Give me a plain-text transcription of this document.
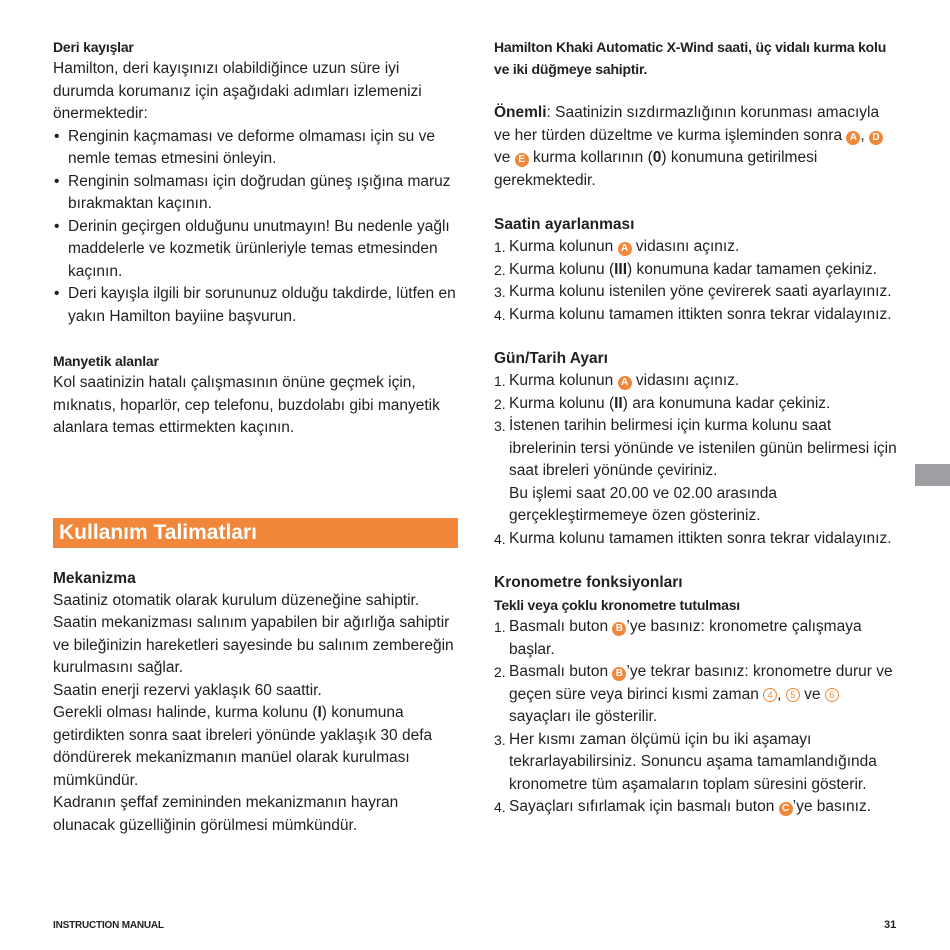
Deri kayışlar

Hamilton, deri kayışınızı olabildiğince uzun süre iyi durumda korumanız için aşağıdaki adımları izlemenizi önermektedir:

• Renginin kaçmaması ve deforme olmaması için su ve nemle temas etmesini önleyin.
• Renginin solmaması için doğrudan güneş ışığına maruz bırakmaktan kaçının.
• Derinin geçirgen olduğunu unutmayın! Bu nedenle yağlı maddelerle ve kozmetik ürünleriyle temas etmesinden kaçının.
• Deri kayışla ilgili bir sorununuz olduğu takdirde, lütfen en yakın Hamilton bayiine başvurun.

Manyetik alanlar

Kol saatinizin hatalı çalışmasının önüne geçmek için, mıknatıs, hoparlör, cep telefonu, buzdolabı gibi manyetik alanlara temas ettirmekten kaçının.

Kullanım Talimatları

Mekanizma

Saatiniz otomatik olarak kurulum düzeneğine sahiptir. Saatin mekanizması salınım yapabilen bir ağırlığa sahiptir ve bileğinizin hareketleri sayesinde bu salınım zembereğin kurulmasını sağlar.

Saatin enerji rezervi yaklaşık 60 saattir.

Gerekli olması halinde, kurma kolunu (I) konumuna getirdikten sonra saat ibreleri yönünde yaklaşık 30 defa döndürerek mekanizmanın manüel olarak kurulması mümkündür.

Kadranın şeffaf zemininden mekanizmanın hayran olunacak güzelliğinin görülmesi mümkündür.

Hamilton Khaki Automatic X-Wind saati, üç vidalı kurma kolu ve iki düğmeye sahiptir.

Önemli: Saatinizin sızdırmazlığının korunması amacıyla ve her türden düzeltme ve kurma işleminden sonra A , D ve E kurma kollarının (0) konumuna getirilmesi gerekmektedir.

Saatin ayarlanması

1. Kurma kolunun A vidasını açınız.
2. Kurma kolunu (III) konumuna kadar tamamen çekiniz.
3. Kurma kolunu istenilen yöne çevirerek saati ayarlayınız.
4. Kurma kolunu tamamen ittikten sonra tekrar vidalayınız.

Gün/Tarih Ayarı

1. Kurma kolunun A vidasını açınız.
2. Kurma kolunu (II) ara konumuna kadar çekiniz.
3. İstenen tarihin belirmesi için kurma kolunu saat ibrelerinin tersi yönünde ve istenilen günün belirmesi için saat ibreleri yönünde çeviriniz.
Bu işlemi saat 20.00 ve 02.00 arasında gerçekleştirmemeye özen gösteriniz.
4. Kurma kolunu tamamen ittikten sonra tekrar vidalayınız.

Kronometre fonksiyonları

Tekli veya çoklu kronometre tutulması

1. Basmalı buton B ’ye basınız: kronometre çalışmaya başlar.
2. Basmalı buton B ’ye tekrar basınız: kronometre durur ve geçen süre veya birinci kısmi zaman 4 , 5 ve 6 sayaçları ile gösterilir.
3. Her kısmı zaman ölçümü için bu iki aşamayı tekrarlayabilirsiniz. Sonuncu aşama tamamlandığında kronometre tüm aşamaların toplam süresini gösterir.
4. Sayaçları sıfırlamak için basmalı buton C ’ye basınız.
INSTRUCTION MANUAL	31
